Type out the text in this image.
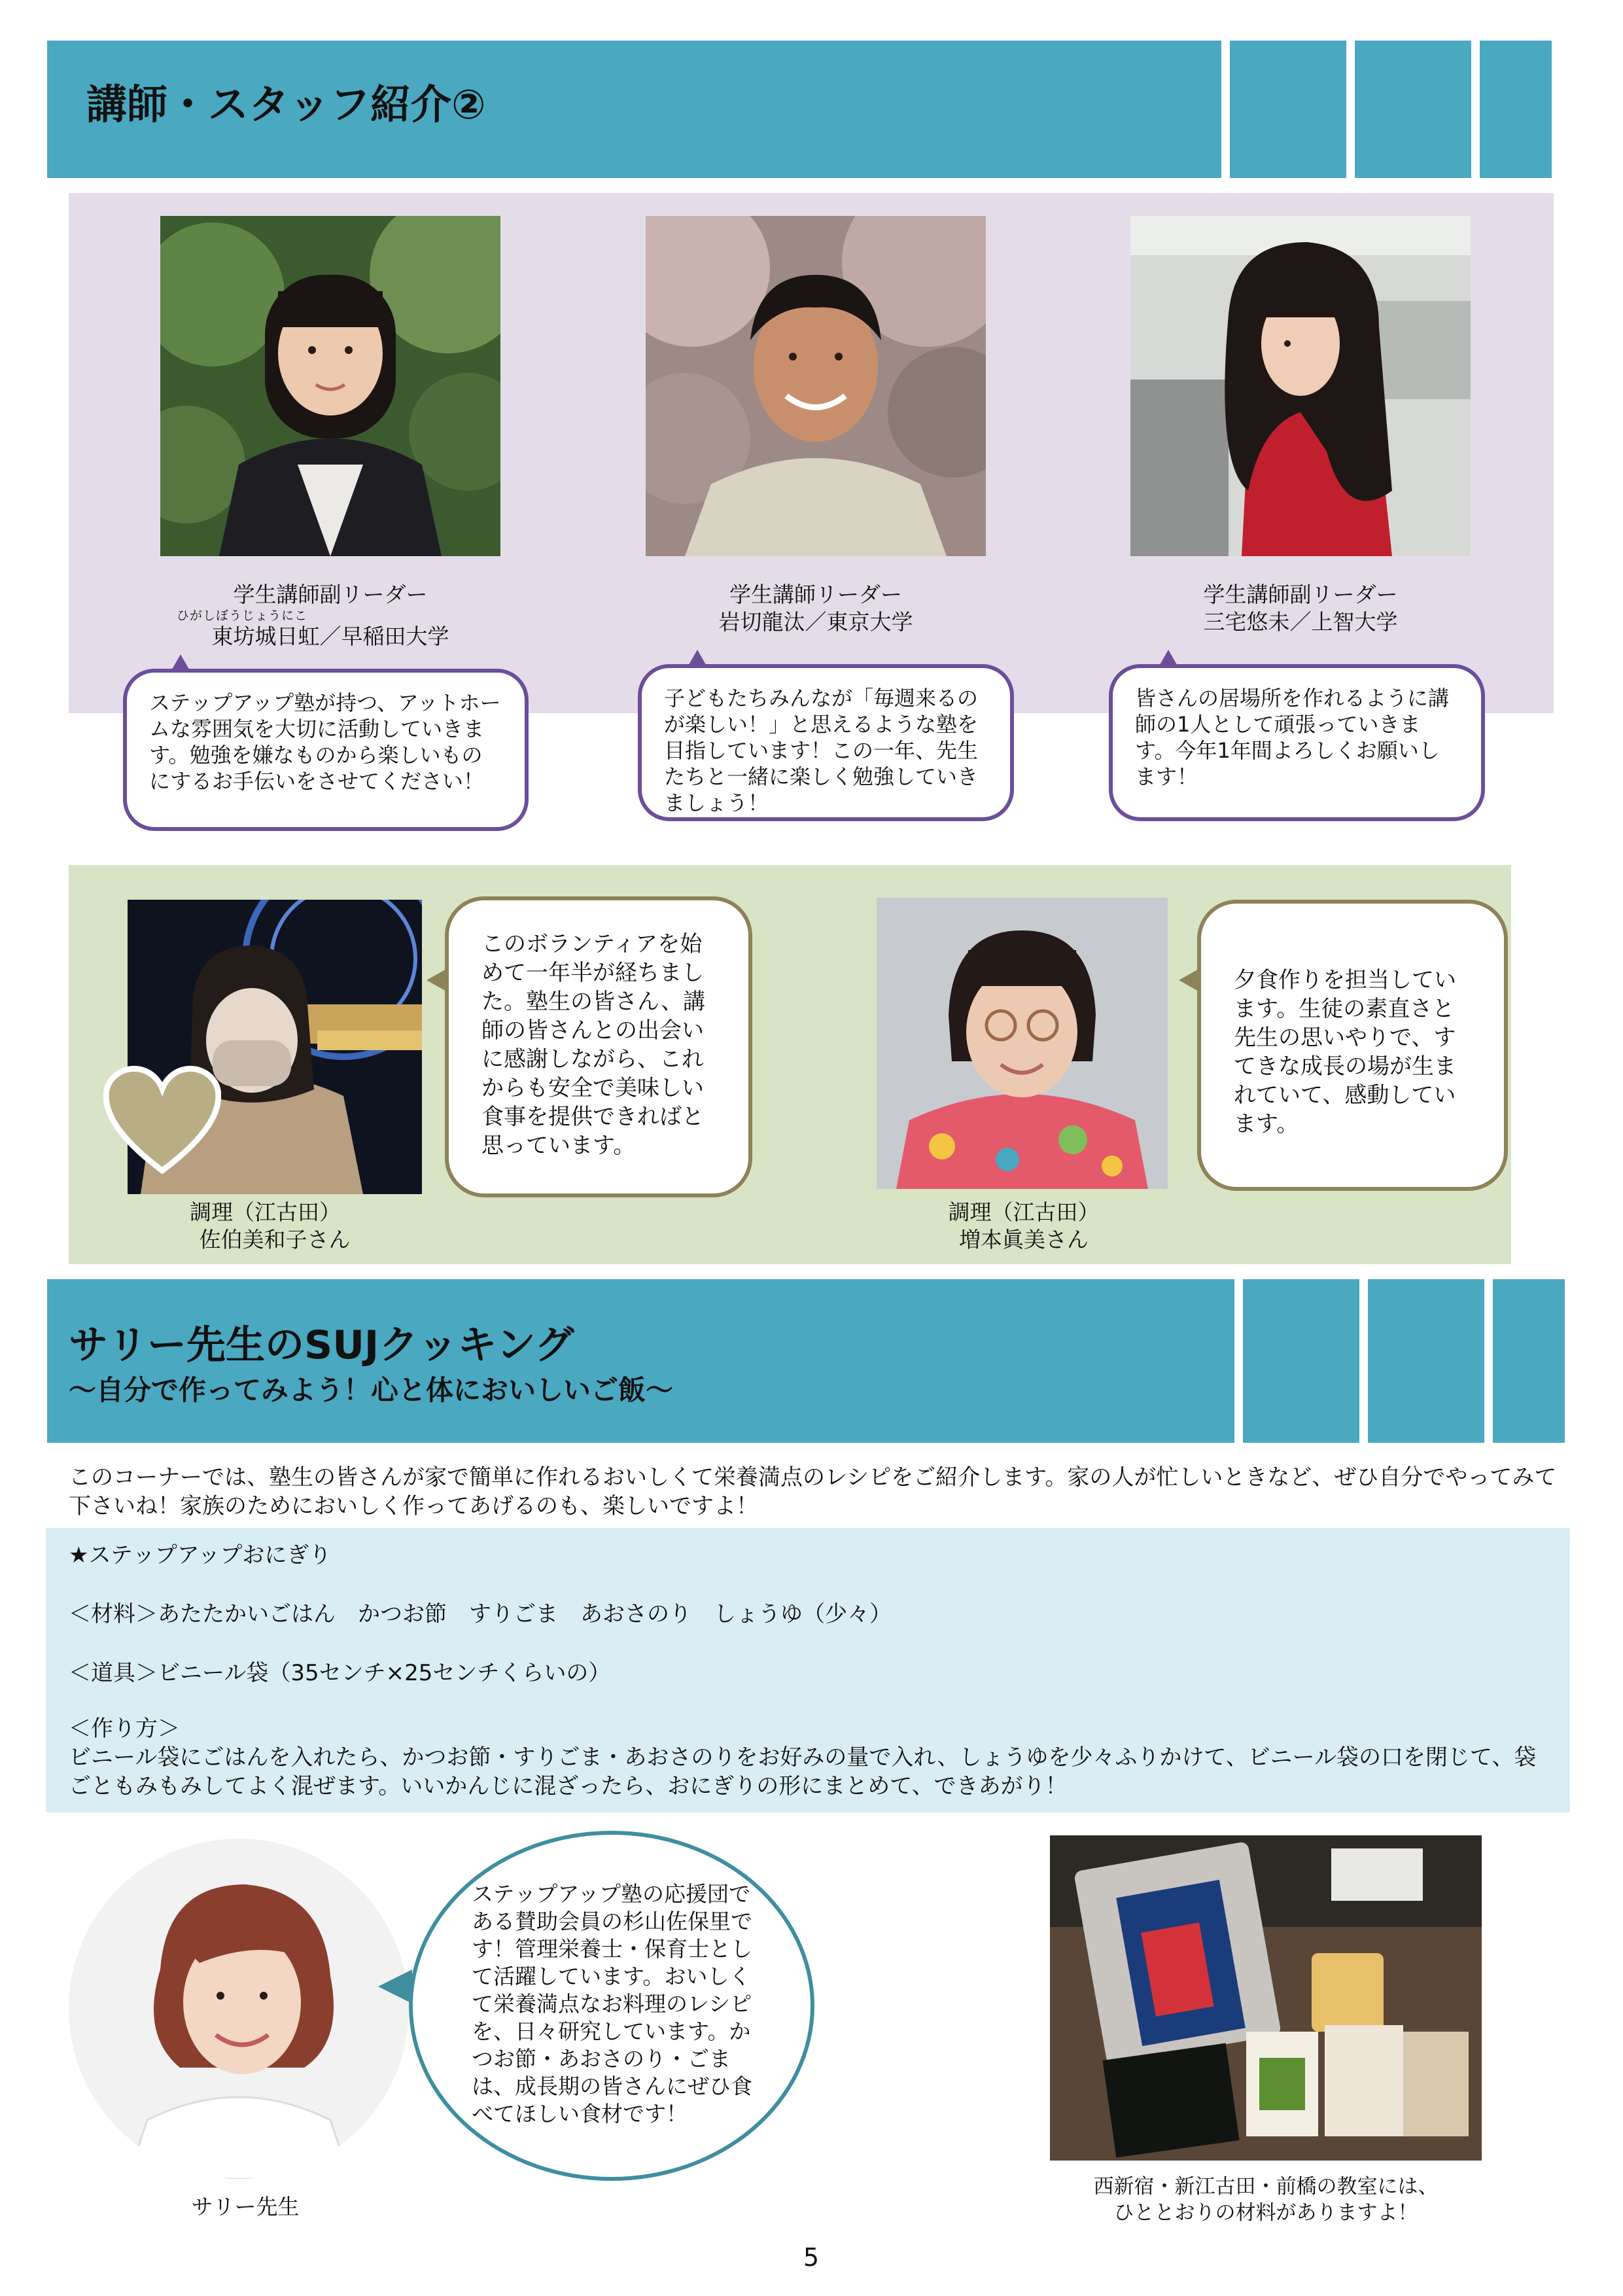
講師・スタッフ紹介②
学生講師副リーダー
ひがしぼうじょうにこ
東坊城日虹／早稲田大学
学生講師リーダー
岩切龍汰／東京大学
学生講師副リーダー
三宅悠未／上智大学
ステップアップ塾が持つ、アットホームな雰囲気を大切に活動していきます。勉強を嫌なものから楽しいものにするお手伝いをさせてください！
子どもたちみんなが「毎週来るのが楽しい！」と思えるような塾を目指しています！この一年、先生たちと一緒に楽しく勉強していきましょう！
皆さんの居場所を作れるように講師の1人として頑張っていきます。今年1年間よろしくお願いします！
このボランティアを始めて一年半が経ちました。塾生の皆さん、講師の皆さんとの出会いに感謝しながら、これからも安全で美味しい食事を提供できればと思っています。
夕食作りを担当しています。生徒の素直さと先生の思いやりで、すてきな成長の場が生まれていて、感動しています。
調理（江古田）
佐伯美和子さん
調理（江古田）
増本眞美さん
サリー先生のSUJクッキング
～自分で作ってみよう！心と体においしいご飯～
このコーナーでは、塾生の皆さんが家で簡単に作れるおいしくて栄養満点のレシピをご紹介します。家の人が忙しいときなど、ぜひ自分でやってみて下さいね！家族のためにおいしく作ってあげるのも、楽しいですよ！

★ステップアップおにぎり

＜材料＞あたたかいごはん　かつお節　すりごま　あおさのり　しょうゆ（少々）

＜道具＞ビニール袋（35センチ×25センチくらいの）

＜作り方＞

ビニール袋にごはんを入れたら、かつお節・すりごま・あおさのりをお好みの量で入れ、しょうゆを少々ふりかけて、ビニール袋の口を閉じて、袋ごともみもみしてよく混ぜます。いいかんじに混ざったら、おにぎりの形にまとめて、できあがり！

サリー先生
ステップアップ塾の応援団である賛助会員の杉山佐保里です！管理栄養士・保育士として活躍しています。おいしくて栄養満点なお料理のレシピを、日々研究しています。かつお節・あおさのり・ごまは、成長期の皆さんにぜひ食べてほしい食材です！
西新宿・新江古田・前橋の教室には、
ひととおりの材料がありますよ！
5
